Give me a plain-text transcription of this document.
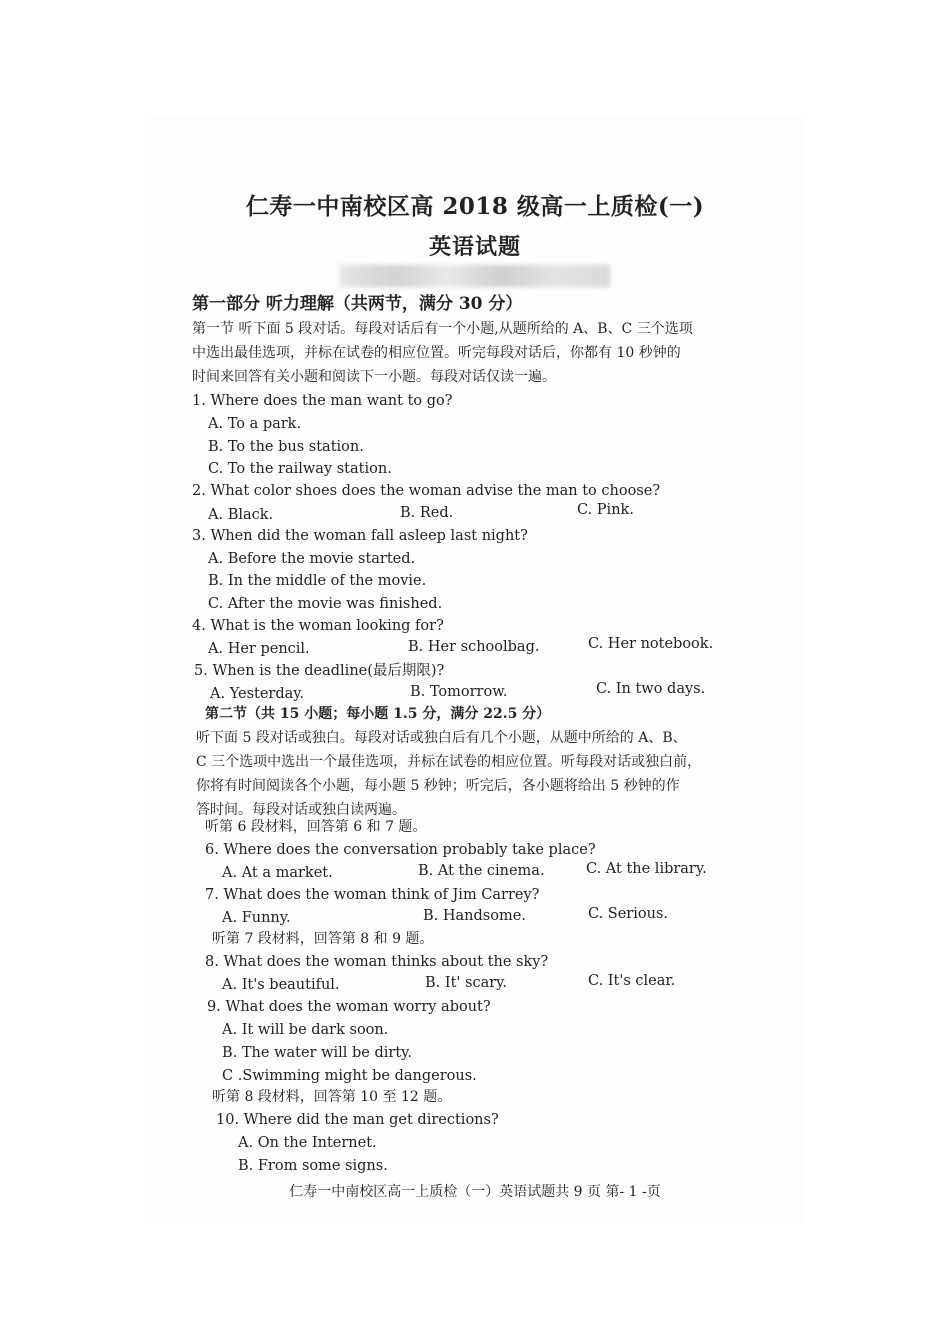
仁寿一中南校区高 2018 级高一上质检(一)
英语试题
第一部分 听力理解（共两节，满分 30 分）
第一节 听下面 5 段对话。每段对话后有一个小题,从题所给的 A、B、C 三个选项
中选出最佳选项，并标在试卷的相应位置。听完每段对话后，你都有 10 秒钟的
时间来回答有关小题和阅读下一小题。每段对话仅读一遍。
1. Where does the man want to go?
A. To a park.
B. To the bus station.
C. To the railway station.
2. What color shoes does the woman advise the man to choose?
A. Black.	B. Red.	C. Pink.
3. When did the woman fall asleep last night?
A. Before the movie started.
B. In the middle of the movie.
C. After the movie was finished.
4. What is the woman looking for?
A. Her pencil.	B. Her schoolbag.	C. Her notebook.
5. When is the deadline(最后期限)?
A. Yesterday.	B. Tomorrow.	C. In two days.
第二节（共 15 小题；每小题 1.5 分，满分 22.5 分）
听下面 5 段对话或独白。每段对话或独白后有几个小题，从题中所给的 A、B、
C 三个选项中选出一个最佳选项，并标在试卷的相应位置。听每段对话或独白前，
你将有时间阅读各个小题，每小题 5 秒钟；听完后，各小题将给出 5 秒钟的作
答时间。每段对话或独白读两遍。
听第 6 段材料，回答第 6 和 7 题。
6. Where does the conversation probably take place?
A. At a market.	B. At the cinema.	C. At the library.
7. What does the woman think of Jim Carrey?
A. Funny.	B. Handsome.	C. Serious.
听第 7 段材料，回答第 8 和 9 题。
8. What does the woman thinks about the sky?
A. It's beautiful.	B. It' scary.	C. It's clear.
9. What does the woman worry about?
A. It will be dark soon.
B. The water will be dirty.
C .Swimming might be dangerous.
听第 8 段材料，回答第 10 至 12 题。
10. Where did the man get directions?
A. On the Internet.
B. From some signs.
仁寿一中南校区高一上质检（一）英语试题共 9 页 第- 1 -页
